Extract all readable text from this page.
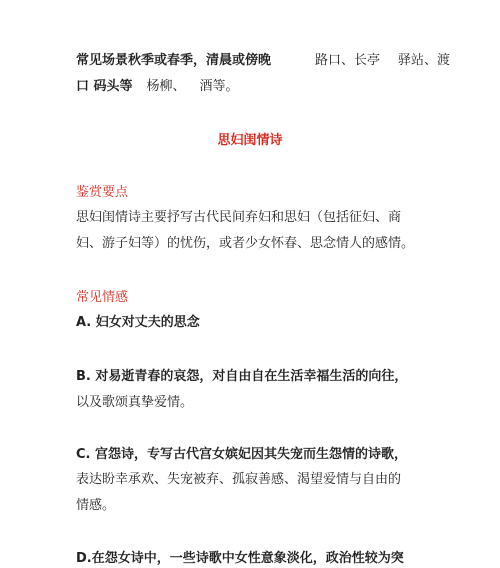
常见场景秋季或春季，清晨或傍晚	路口、长亭 驿站、渡
口 码头等 杨柳、 酒等。
思妇闺情诗
鉴赏要点
思妇闺情诗主要抒写古代民间弃妇和思妇（包括征妇、商
妇、游子妇等）的忧伤，或者少女怀春、思念情人的感情。
常见情感
A. 妇女对丈夫的思念
B. 对易逝青春的哀怨，对自由自在生活幸福生活的向往，
以及歌颂真挚爱情。
C. 宫怨诗，专写古代宫女嫔妃因其失宠而生怨情的诗歌，
表达盼幸承欢、失宠被弃、孤寂善感、渴望爱情与自由的
情感。
D.在怨女诗中，一些诗歌中女性意象淡化，政治性较为突
